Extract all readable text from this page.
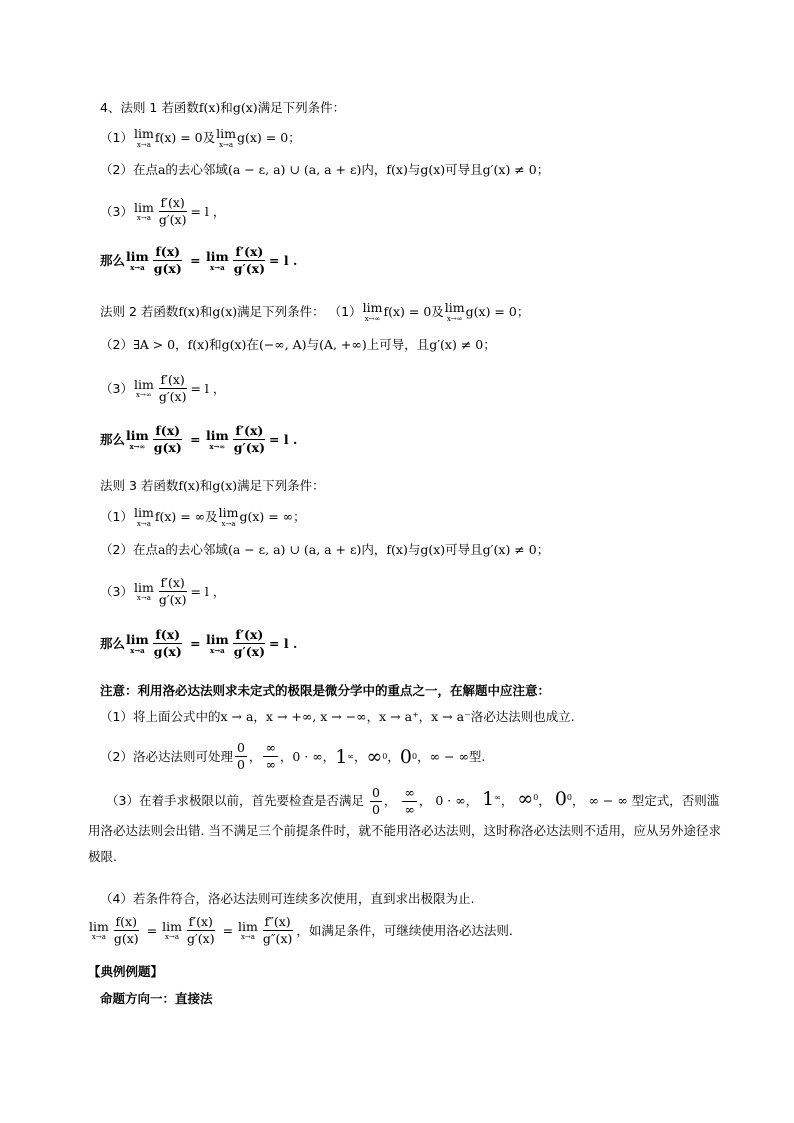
4、法则 1 若函数 f(x) 和 g(x) 满足下列条件：
（1） lim
x→a f(x) = 0 及 lim
x→a g(x) = 0 ；
（2） 在点 a 的去心邻域 (a − ε, a) ∪ (a, a + ε) 内， f(x) 与 g(x) 可导且 g′(x) ≠ 0 ；
（3） lim
$x\to a \frac{f'(x)}{g'(x)} = l$ ，
那么 lim
$x\to a \frac{f(x)}{g(x)} = \lim$
$x\to a \frac{f'(x)}{g'(x)} = l$ .
法则 2 若函数 f(x) 和 g(x) 满足下列条件： （1） lim
x→∞ f(x) = 0 及 lim
x→∞ g(x) = 0 ；
（2） ∃A > 0 ， f(x) 和 g(x) 在 (−∞, A) 与 (A, +∞) 上可导，且 g′(x) ≠ 0 ；
（3） lim
$x\to\infty \frac{f'(x)}{g'(x)} = l$ ，
那么 lim
$x\to\infty \frac{f(x)}{g(x)} = \lim$
$x\to\infty \frac{f'(x)}{g'(x)} = l$ .
法则 3 若函数 f(x) 和 g(x) 满足下列条件：
（1） lim
x→a f(x) = ∞ 及 lim
x→a g(x) = ∞ ；
（2） 在点 a 的去心邻域 (a − ε, a) ∪ (a, a + ε) 内， f(x) 与 g(x) 可导且 g′(x) ≠ 0 ；
（3） lim
$x\to a \frac{f'(x)}{g'(x)} = l$ ，
那么 lim
$x\to a \frac{f(x)}{g(x)} = \lim$
$x\to a \frac{f'(x)}{g'(x)} = l$ .
注意：利用洛必达法则求未定式的极限是微分学中的重点之一，在解题中应注意：
（1）将上面公式中的 x → a ， x → +∞, x → −∞ ， x → a⁺ ， x → a⁻ 洛必达法则也成立.
（2）洛必达法则可处理
0
0
，
∞
∞
， 0 · ∞ ， 1 ∞ ， ∞ 0 ， 0 0 ， ∞ − ∞ 型.
（3）在着手求极限以前，首先要检查是否满足 $\frac{0}{0}$ ，
∞
∞
， 0 · ∞， 1∞， ∞$^0$， $0^0$， ∞ − ∞ 型定式，否则滥用洛必达法则会出错. 当不满足三个前提条件时，就不能用洛必达法则，这时称洛必达法则不适用，应从另外途径求极限.
（4）若条件符合，洛必达法则可连续多次使用，直到求出极限为止.
lim
$x\to a \frac{f(x)}{g(x)} = \lim$
$x\to a \frac{f'(x)}{g'(x)} = \lim$
x→a
f″(x)
g″(x)
，如满足条件，可继续使用洛必达法则.
【典例例题】
命题方向一：直接法
